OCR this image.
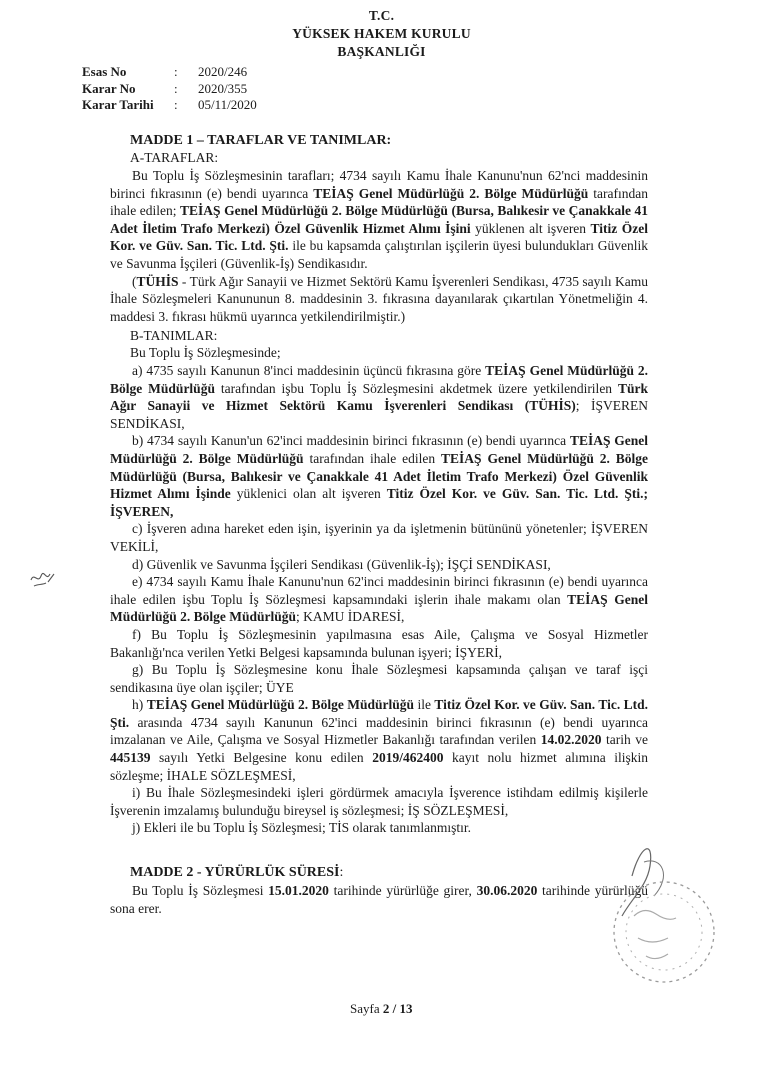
T.C.
YÜKSEK HAKEM KURULU
BAŞKANLIĞI
Esas No	:	2020/246
Karar No	:	2020/355
Karar Tarihi	:	05/11/2020
MADDE 1 – TARAFLAR VE TANIMLAR:
A-TARAFLAR:

Bu Toplu İş Sözleşmesinin tarafları; 4734 sayılı Kamu İhale Kanunu'nun 62'nci maddesinin birinci fıkrasının (e) bendi uyarınca TEİAŞ Genel Müdürlüğü 2. Bölge Müdürlüğü tarafından ihale edilen; TEİAŞ Genel Müdürlüğü 2. Bölge Müdürlüğü (Bursa, Balıkesir ve Çanakkale 41 Adet İletim Trafo Merkezi) Özel Güvenlik Hizmet Alımı İşini yüklenen alt işveren Titiz Özel Kor. ve Güv. San. Tic. Ltd. Şti. ile bu kapsamda çalıştırılan işçilerin üyesi bulundukları Güvenlik ve Savunma İşçileri (Güvenlik-İş) Sendikasıdır.

(TÜHİS - Türk Ağır Sanayii ve Hizmet Sektörü Kamu İşverenleri Sendikası, 4735 sayılı Kamu İhale Sözleşmeleri Kanununun 8. maddesinin 3. fıkrasına dayanılarak çıkartılan Yönetmeliğin 4. maddesi 3. fıkrası hükmü uyarınca yetkilendirilmiştir.)

B-TANIMLAR:
Bu Toplu İş Sözleşmesinde;

a) 4735 sayılı Kanunun 8'inci maddesinin üçüncü fıkrasına göre TEİAŞ Genel Müdürlüğü 2. Bölge Müdürlüğü tarafından işbu Toplu İş Sözleşmesini akdetmek üzere yetkilendirilen Türk Ağır Sanayii ve Hizmet Sektörü Kamu İşverenleri Sendikası (TÜHİS); İŞVEREN SENDİKASI,

b) 4734 sayılı Kanun'un 62'inci maddesinin birinci fıkrasının (e) bendi uyarınca TEİAŞ Genel Müdürlüğü 2. Bölge Müdürlüğü tarafından ihale edilen TEİAŞ Genel Müdürlüğü 2. Bölge Müdürlüğü (Bursa, Balıkesir ve Çanakkale 41 Adet İletim Trafo Merkezi) Özel Güvenlik Hizmet Alımı İşinde yüklenici olan alt işveren Titiz Özel Kor. ve Güv. San. Tic. Ltd. Şti.; İŞVEREN,

c) İşveren adına hareket eden işin, işyerinin ya da işletmenin bütününü yönetenler; İŞVEREN VEKİLİ,

d) Güvenlik ve Savunma İşçileri Sendikası (Güvenlik-İş); İŞÇİ SENDİKASI,

e) 4734 sayılı Kamu İhale Kanunu'nun 62'inci maddesinin birinci fıkrasının (e) bendi uyarınca ihale edilen işbu Toplu İş Sözleşmesi kapsamındaki işlerin ihale makamı olan TEİAŞ Genel Müdürlüğü 2. Bölge Müdürlüğü; KAMU İDARESİ,

f) Bu Toplu İş Sözleşmesinin yapılmasına esas Aile, Çalışma ve Sosyal Hizmetler Bakanlığı'nca verilen Yetki Belgesi kapsamında bulunan işyeri; İŞYERİ,

g) Bu Toplu İş Sözleşmesine konu İhale Sözleşmesi kapsamında çalışan ve taraf işçi sendikasına üye olan işçiler; ÜYE

h) TEİAŞ Genel Müdürlüğü 2. Bölge Müdürlüğü ile Titiz Özel Kor. ve Güv. San. Tic. Ltd. Şti. arasında 4734 sayılı Kanunun 62'inci maddesinin birinci fıkrasının (e) bendi uyarınca imzalanan ve Aile, Çalışma ve Sosyal Hizmetler Bakanlığı tarafından verilen 14.02.2020 tarih ve 445139 sayılı Yetki Belgesine konu edilen 2019/462400 kayıt nolu hizmet alımına ilişkin sözleşme; İHALE SÖZLEŞMESİ,

i) Bu İhale Sözleşmesindeki işleri gördürmek amacıyla İşverence istihdam edilmiş kişilerle İşverenin imzalamış bulunduğu bireysel iş sözleşmesi; İŞ SÖZLEŞMESİ,

j) Ekleri ile bu Toplu İş Sözleşmesi; TİS olarak tanımlanmıştır.

MADDE 2 - YÜRÜRLÜK SÜRESİ:

Bu Toplu İş Sözleşmesi 15.01.2020 tarihinde yürürlüğe girer, 30.06.2020 tarihinde yürürlüğü sona erer.

Sayfa 2 / 13
